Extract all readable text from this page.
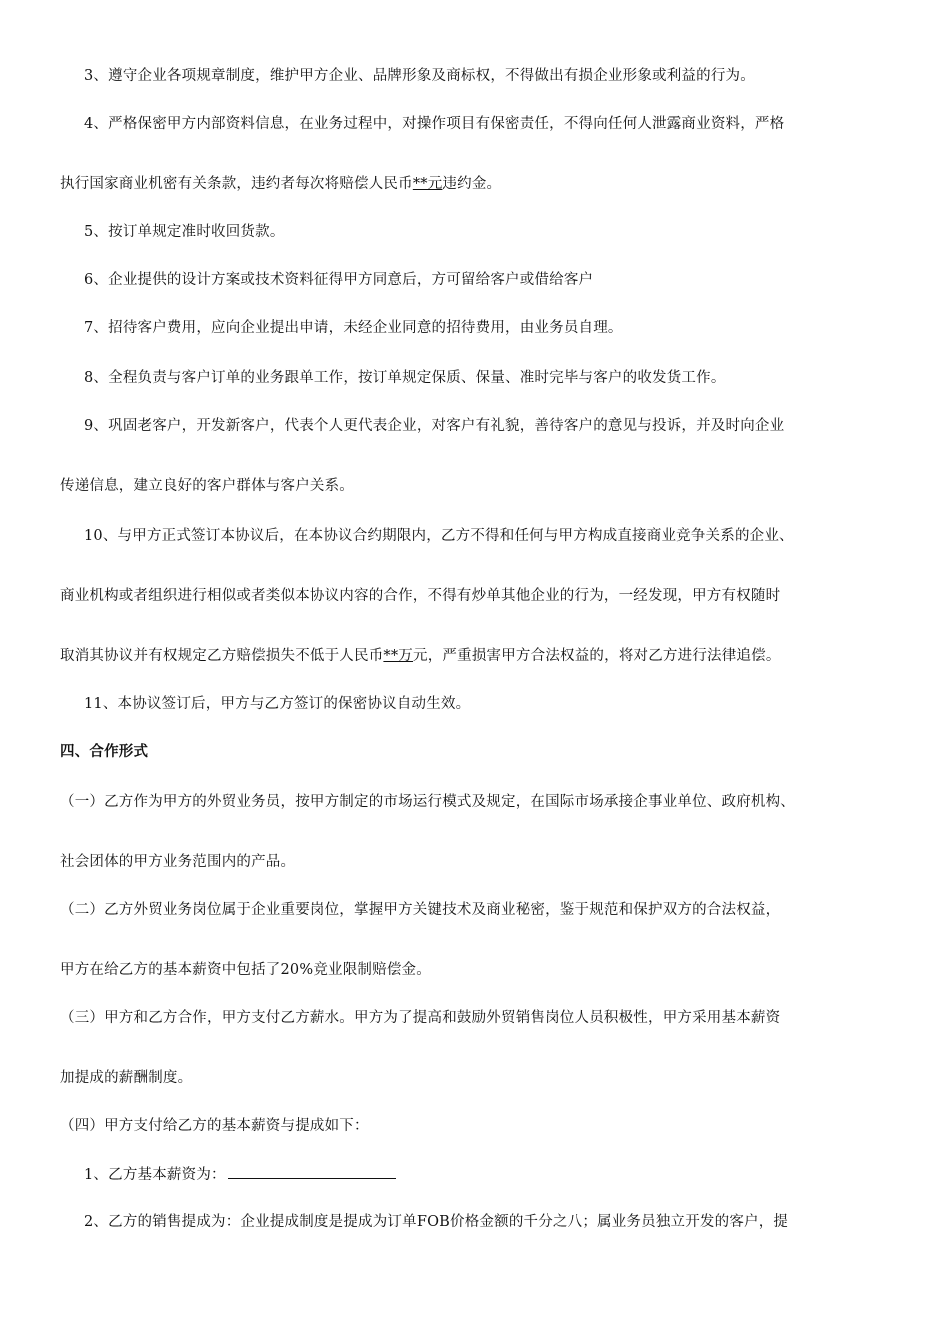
3、遵守企业各项规章制度，维护甲方企业、品牌形象及商标权，不得做出有损企业形象或利益的行为。
4、严格保密甲方内部资料信息，在业务过程中，对操作项目有保密责任，不得向任何人泄露商业资料，严格
执行国家商业机密有关条款，违约者每次将赔偿人民币**元违约金。
5、按订单规定准时收回货款。
6、企业提供的设计方案或技术资料征得甲方同意后，方可留给客户或借给客户
7、招待客户费用，应向企业提出申请，未经企业同意的招待费用，由业务员自理。
8、全程负责与客户订单的业务跟单工作，按订单规定保质、保量、准时完毕与客户的收发货工作。
9、巩固老客户，开发新客户，代表个人更代表企业，对客户有礼貌，善待客户的意见与投诉，并及时向企业
传递信息，建立良好的客户群体与客户关系。
10、与甲方正式签订本协议后，在本协议合约期限内，乙方不得和任何与甲方构成直接商业竞争关系的企业、
商业机构或者组织进行相似或者类似本协议内容的合作，不得有炒单其他企业的行为，一经发现，甲方有权随时
取消其协议并有权规定乙方赔偿损失不低于人民币**万元，严重损害甲方合法权益的，将对乙方进行法律追偿。
11、本协议签订后，甲方与乙方签订的保密协议自动生效。
四、合作形式
（一）乙方作为甲方的外贸业务员，按甲方制定的市场运行模式及规定，在国际市场承接企事业单位、政府机构、
社会团体的甲方业务范围内的产品。
（二）乙方外贸业务岗位属于企业重要岗位，掌握甲方关键技术及商业秘密，鉴于规范和保护双方的合法权益，
甲方在给乙方的基本薪资中包括了20%竞业限制赔偿金。
（三）甲方和乙方合作，甲方支付乙方薪水。甲方为了提高和鼓励外贸销售岗位人员积极性，甲方采用基本薪资
加提成的薪酬制度。
（四）甲方支付给乙方的基本薪资与提成如下：
1、乙方基本薪资为：
2、乙方的销售提成为：企业提成制度是提成为订单FOB价格金额的千分之八；属业务员独立开发的客户，提
